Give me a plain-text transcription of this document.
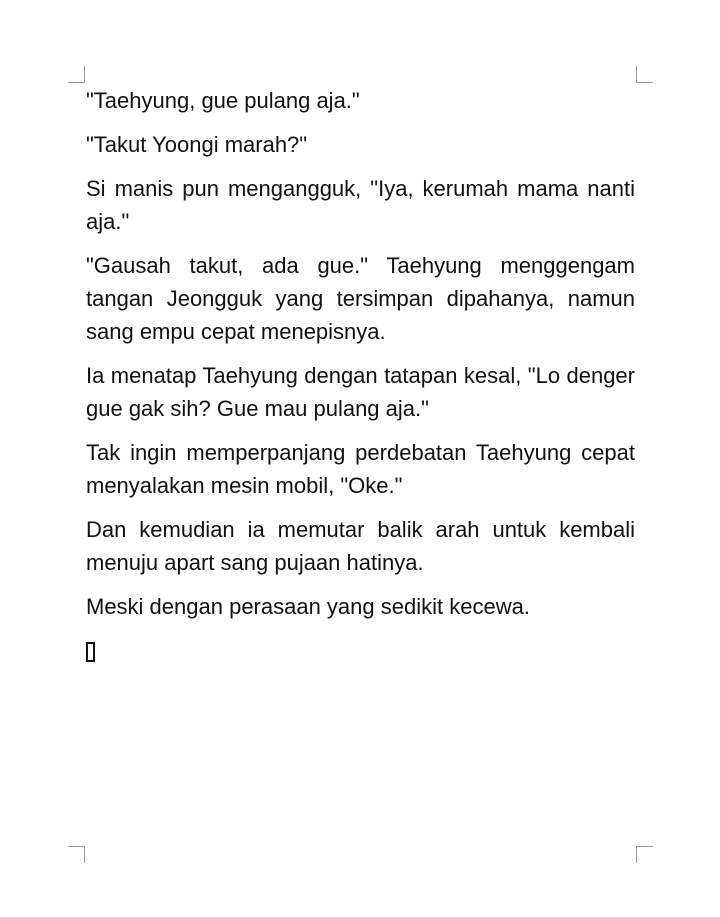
"Taehyung, gue pulang aja."

"Takut Yoongi marah?"

Si manis pun mengangguk, "Iya, kerumah mama nanti aja."

"Gausah takut, ada gue." Taehyung menggengam tangan Jeongguk yang tersimpan dipahanya, namun sang empu cepat menepisnya.

Ia menatap Taehyung dengan tatapan kesal, "Lo denger gue gak sih? Gue mau pulang aja."

Tak ingin memperpanjang perdebatan Taehyung cepat menyalakan mesin mobil, "Oke."

Dan kemudian ia memutar balik arah untuk kembali menuju apart sang pujaan hatinya.

Meski dengan perasaan yang sedikit kecewa.
